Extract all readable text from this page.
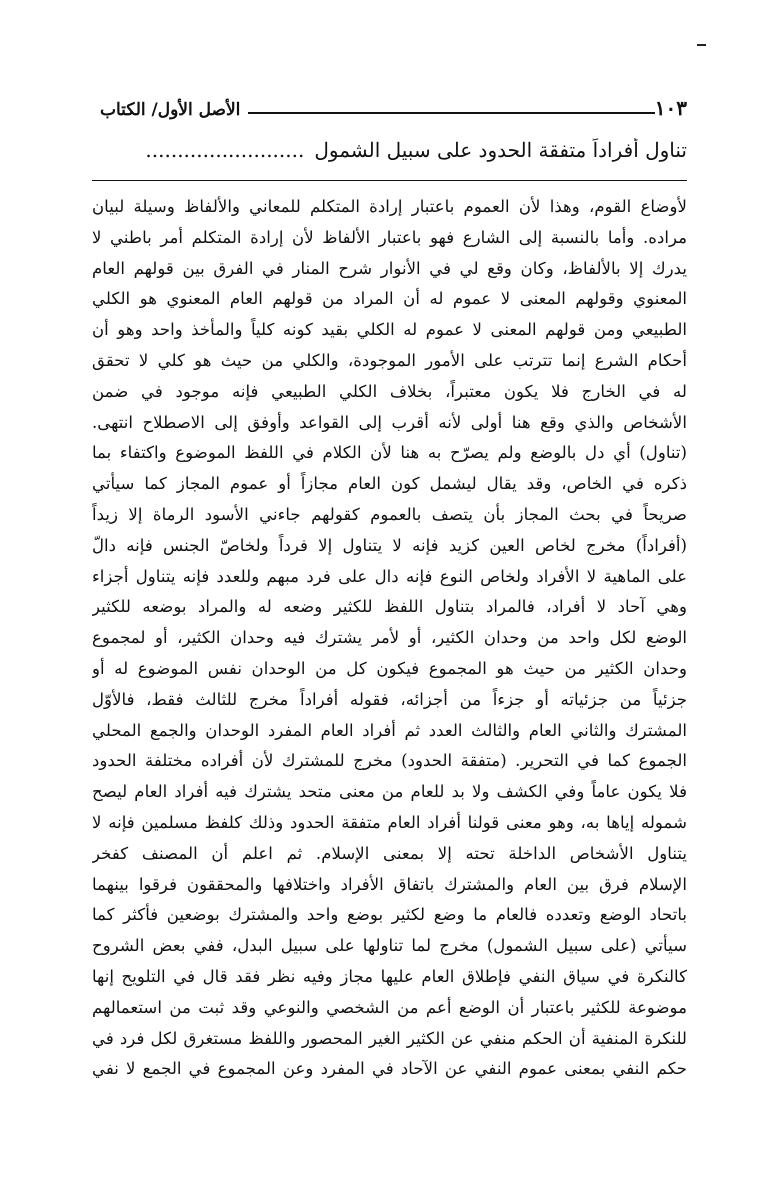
الأصل الأول/ الكتاب	١٠٣
تناول أفراداً متفقة الحدود على سبيل الشمول.........................
لأوضاع القوم، وهذا لأن العموم باعتبار إرادة المتكلم للمعاني والألفاظ وسيلة لبيان
مراده. وأما بالنسبة إلى الشارع فهو باعتبار الألفاظ لأن إرادة المتكلم أمر باطني لا
يدرك إلا بالألفاظ، وكان وقع لي في الأنوار شرح المنار في الفرق بين قولهم العام
المعنوي وقولهم المعنى لا عموم له أن المراد من قولهم العام المعنوي هو الكلي
الطبيعي ومن قولهم المعنى لا عموم له الكلي بقيد كونه كلياً والمأخذ واحد وهو أن
أحكام الشرع إنما تترتب على الأمور الموجودة، والكلي من حيث هو كلي لا تحقق
له في الخارج فلا يكون معتبراً، بخلاف الكلي الطبيعي فإنه موجود في ضمن
الأشخاص والذي وقع هنا أولى لأنه أقرب إلى القواعد وأوفق إلى الاصطلاح انتهى.
(تناول) أي دل بالوضع ولم يصرّح به هنا لأن الكلام في اللفظ الموضوع واكتفاء بما
ذكره في الخاص، وقد يقال ليشمل كون العام مجازاً أو عموم المجاز كما سيأتي
صريحاً في بحث المجاز بأن يتصف بالعموم كقولهم جاءني الأسود الرماة إلا زيداً
(أفراداً) مخرج لخاص العين كزيد فإنه لا يتناول إلا فرداً ولخاصّ الجنس فإنه دالّ
على الماهية لا الأفراد ولخاص النوع فإنه دال على فرد مبهم وللعدد فإنه يتناول أجزاء
وهي آحاد لا أفراد، فالمراد بتناول اللفظ للكثير وضعه له والمراد بوضعه للكثير
الوضع لكل واحد من وحدان الكثير، أو لأمر يشترك فيه وحدان الكثير، أو لمجموع
وحدان الكثير من حيث هو المجموع فيكون كل من الوحدان نفس الموضوع له أو
جزئياً من جزئياته أو جزءاً من أجزائه، فقوله أفراداً مخرج للثالث فقط، فالأوّل
المشترك والثاني العام والثالث العدد ثم أفراد العام المفرد الوحدان والجمع المحلي
الجموع كما في التحرير. (متفقة الحدود) مخرج للمشترك لأن أفراده مختلفة الحدود
فلا يكون عاماً وفي الكشف ولا بد للعام من معنى متحد يشترك فيه أفراد العام ليصح
شموله إياها به، وهو معنى قولنا أفراد العام متفقة الحدود وذلك كلفظ مسلمين فإنه لا
يتناول الأشخاص الداخلة تحته إلا بمعنى الإسلام. ثم اعلم أن المصنف كفخر
الإسلام فرق بين العام والمشترك باتفاق الأفراد واختلافها والمحققون فرقوا بينهما
باتحاد الوضع وتعدده فالعام ما وضع لكثير بوضع واحد والمشترك بوضعين فأكثر كما
سيأتي (على سبيل الشمول) مخرج لما تناولها على سبيل البدل، ففي بعض الشروح
كالنكرة في سياق النفي فإطلاق العام عليها مجاز وفيه نظر فقد قال في التلويح إنها
موضوعة للكثير باعتبار أن الوضع أعم من الشخصي والنوعي وقد ثبت من استعمالهم
للنكرة المنفية أن الحكم منفي عن الكثير الغير المحصور واللفظ مستغرق لكل فرد في
حكم النفي بمعنى عموم النفي عن الآحاد في المفرد وعن المجموع في الجمع لا نفي
